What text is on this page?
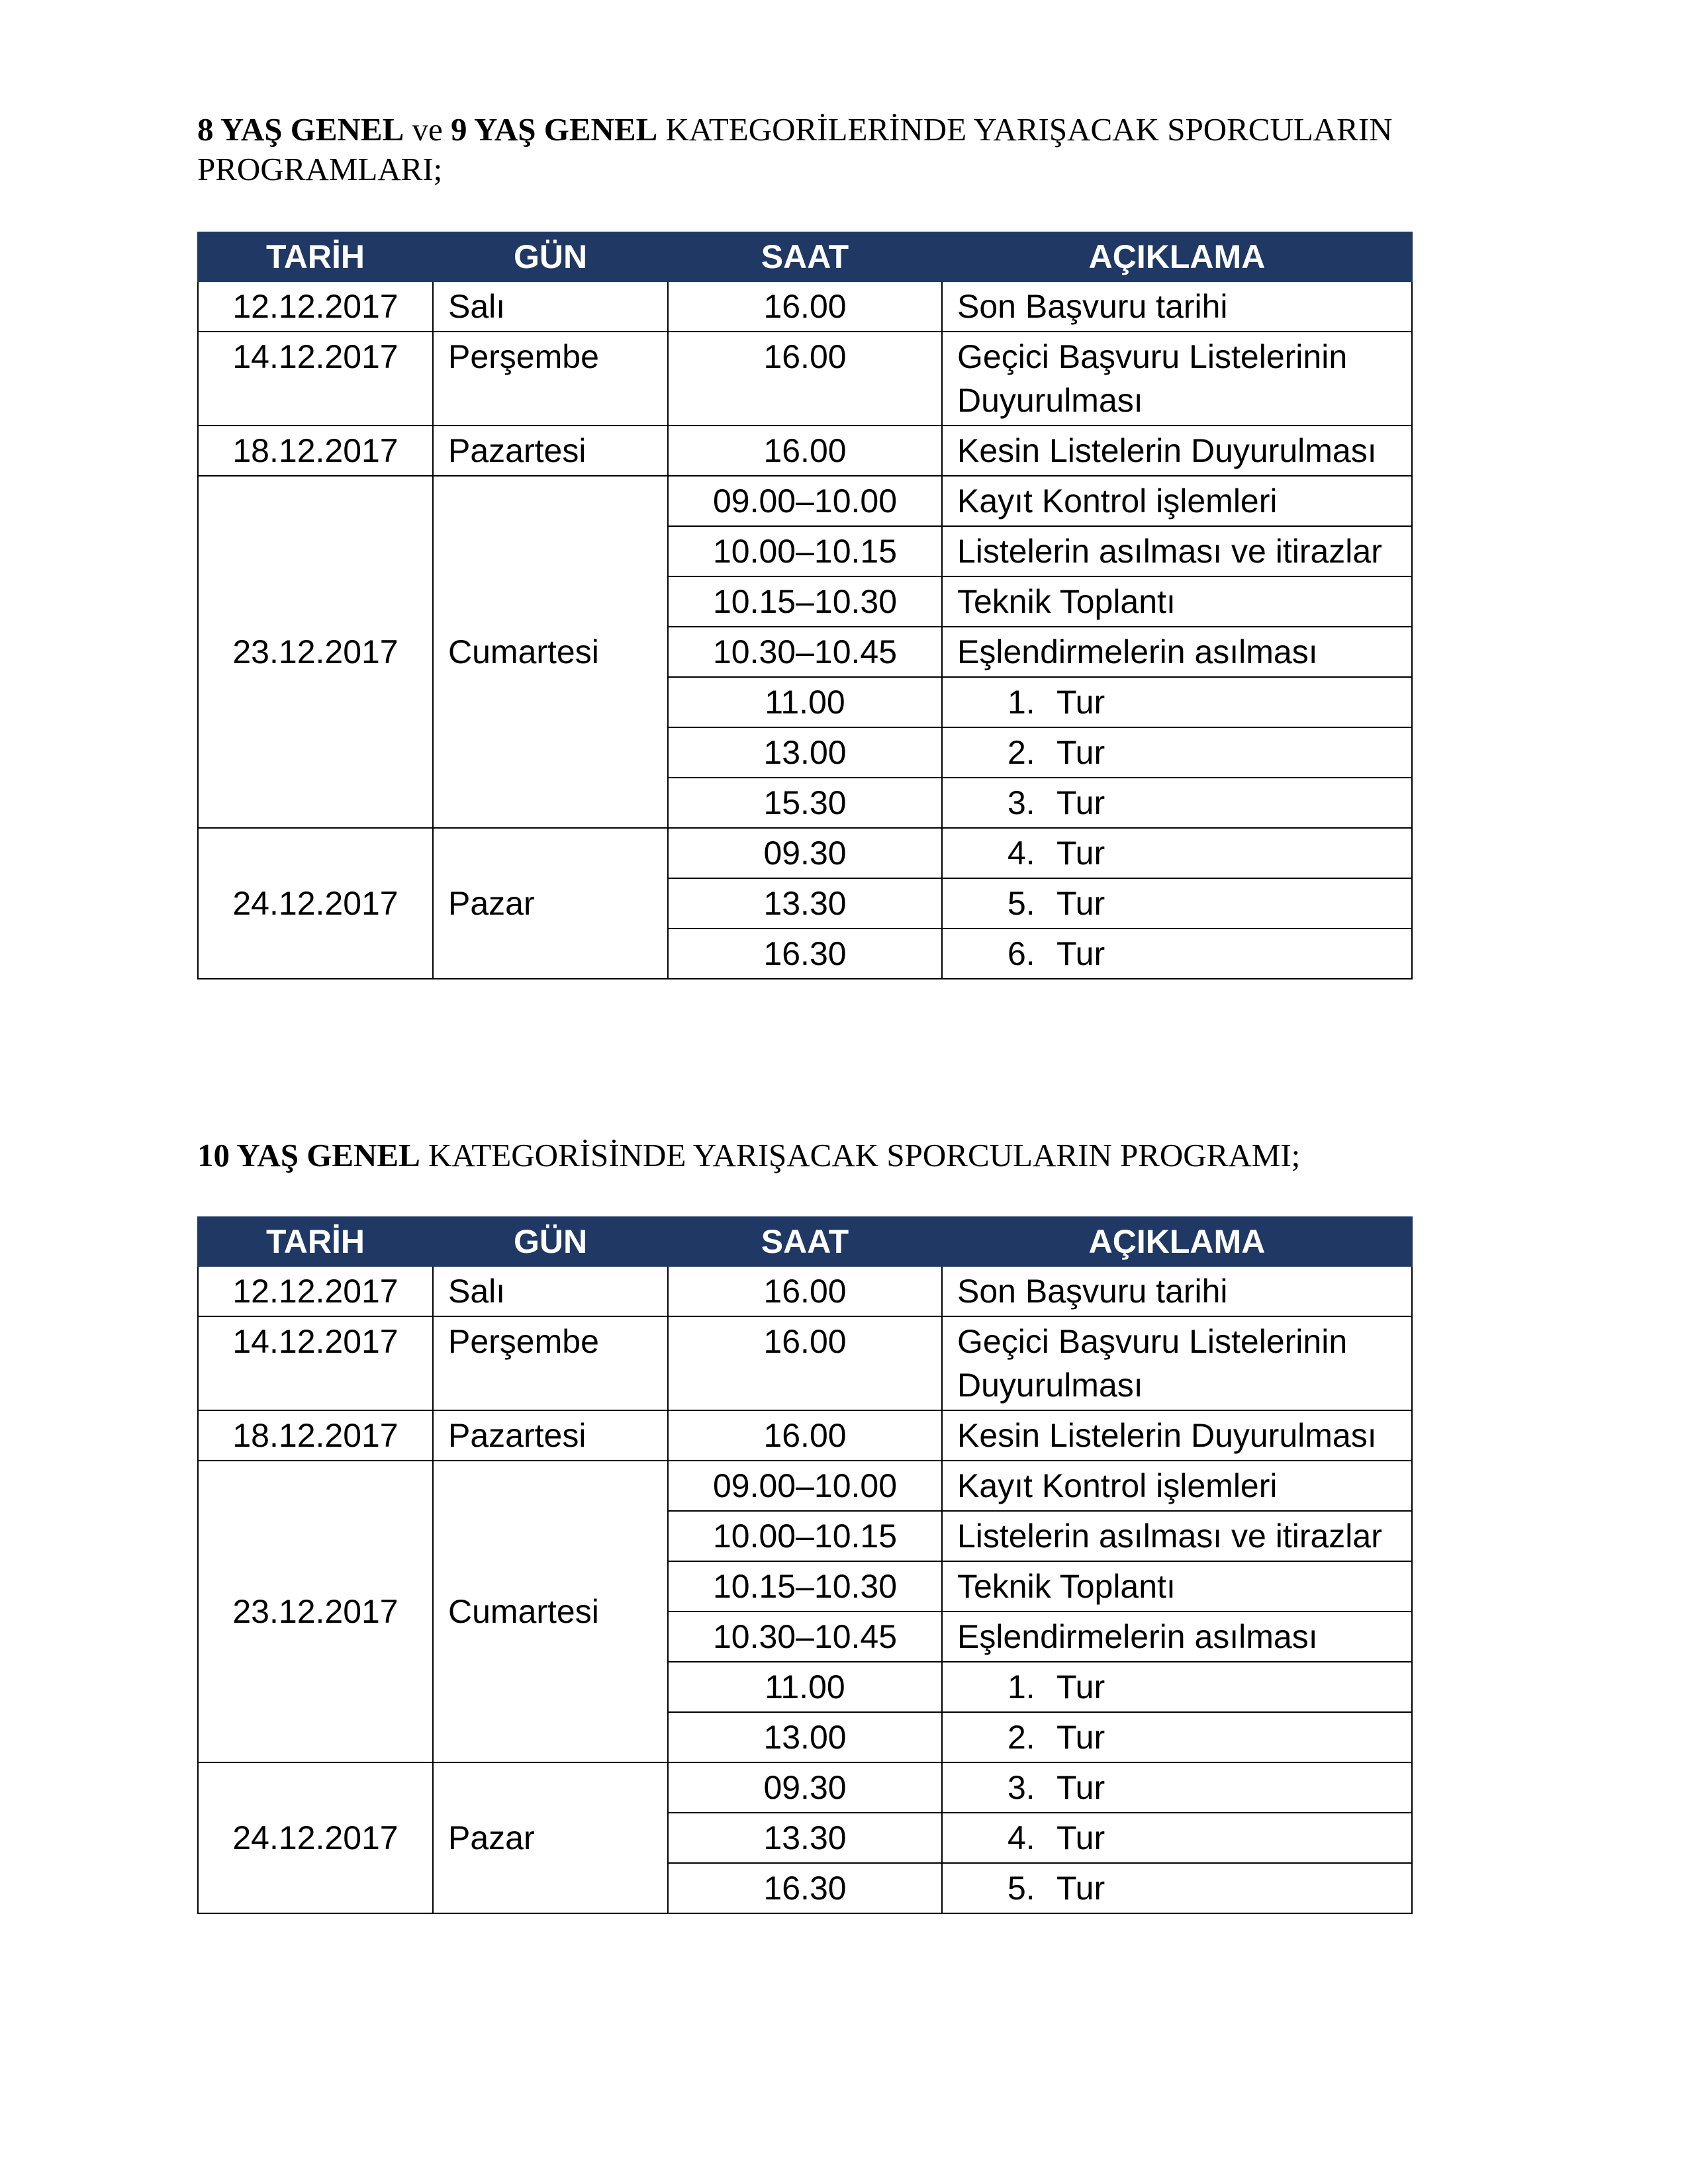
8 YAŞ GENEL ve 9 YAŞ GENEL KATEGORİLERİNDE YARIŞACAK SPORCULARIN PROGRAMLARI;
TARİH	GÜN	SAAT	AÇIKLAMA
12.12.2017	Salı	16.00	Son Başvuru tarihi
14.12.2017	Perşembe	16.00	Geçici Başvuru Listelerinin Duyurulması
18.12.2017	Pazartesi	16.00	Kesin Listelerin Duyurulması
23.12.2017	Cumartesi	09.00–10.00	Kayıt Kontrol işlemleri
		10.00–10.15	Listelerin asılması ve itirazlar
		10.15–10.30	Teknik Toplantı
		10.30–10.45	Eşlendirmelerin asılması
		11.00	1. Tur
		13.00	2. Tur
		15.30	3. Tur
24.12.2017	Pazar	09.30	4. Tur
		13.30	5. Tur
		16.30	6. Tur
10 YAŞ GENEL KATEGORİSİNDE YARIŞACAK SPORCULARIN PROGRAMI;
TARİH	GÜN	SAAT	AÇIKLAMA
12.12.2017	Salı	16.00	Son Başvuru tarihi
14.12.2017	Perşembe	16.00	Geçici Başvuru Listelerinin Duyurulması
18.12.2017	Pazartesi	16.00	Kesin Listelerin Duyurulması
23.12.2017	Cumartesi	09.00–10.00	Kayıt Kontrol işlemleri
		10.00–10.15	Listelerin asılması ve itirazlar
		10.15–10.30	Teknik Toplantı
		10.30–10.45	Eşlendirmelerin asılması
		11.00	1. Tur
		13.00	2. Tur
24.12.2017	Pazar	09.30	3. Tur
		13.30	4. Tur
		16.30	5. Tur
